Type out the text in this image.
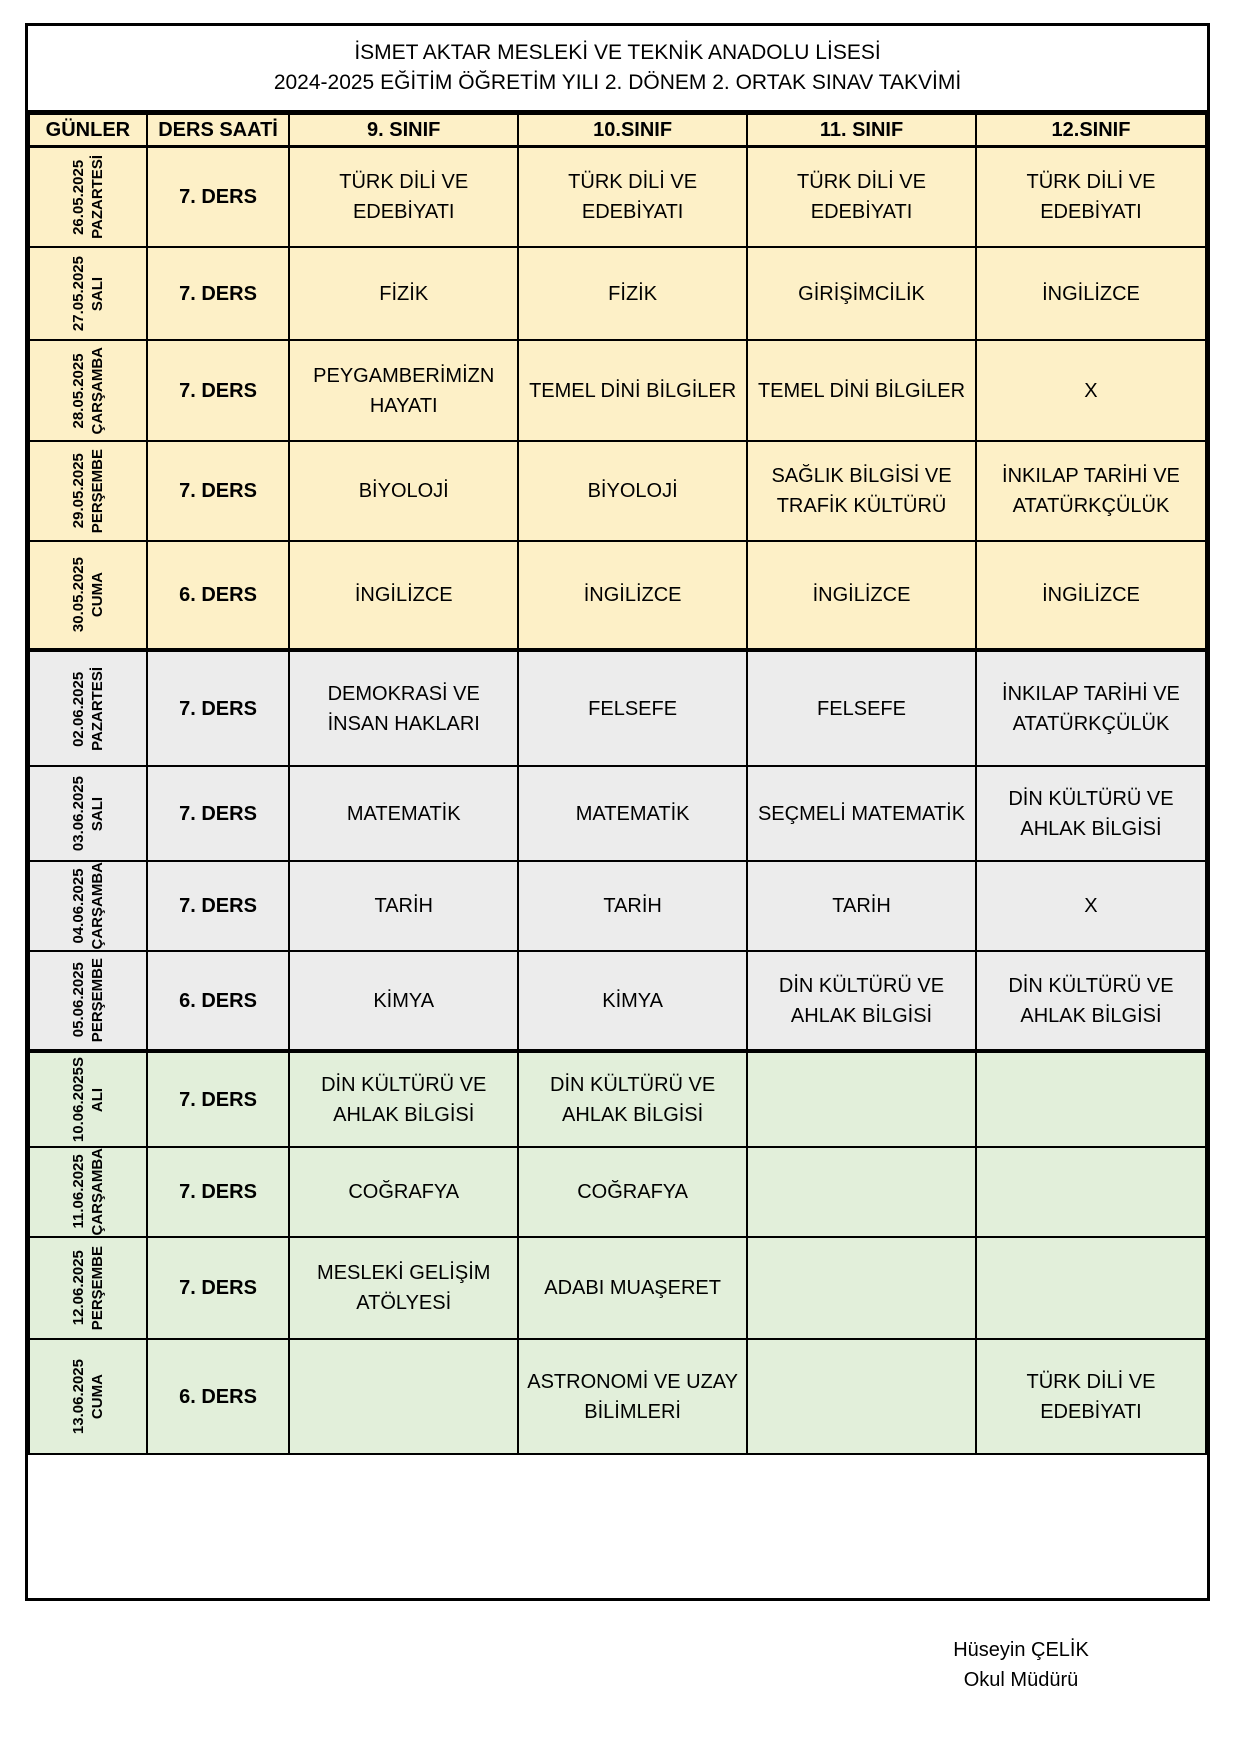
İSMET AKTAR MESLEKİ VE TEKNİK ANADOLU LİSESİ
2024-2025 EĞİTİM ÖĞRETİM YILI 2. DÖNEM 2. ORTAK SINAV TAKVİMİ
GÜNLER	DERS SAATİ	9. SINIF	10.SINIF	11. SINIF	12.SINIF

26.05.2025 PAZARTESİ	7. DERS	TÜRK DİLİ VE EDEBİYATI	TÜRK DİLİ VE EDEBİYATI	TÜRK DİLİ VE EDEBİYATI	TÜRK DİLİ VE EDEBİYATI

27.05.2025 SALI	7. DERS	FİZİK	FİZİK	GİRİŞİMCİLİK	İNGİLİZCE

28.05.2025 ÇARŞAMBA	7. DERS	PEYGAMBERİMİZN HAYATI	TEMEL DİNİ BİLGİLER	TEMEL DİNİ BİLGİLER	X

29.05.2025 PERŞEMBE	7. DERS	BİYOLOJİ	BİYOLOJİ	SAĞLIK BİLGİSİ VE TRAFİK KÜLTÜRÜ	İNKILAP TARİHİ VE ATATÜRKÇÜLÜK

30.05.2025 CUMA	6. DERS	İNGİLİZCE	İNGİLİZCE	İNGİLİZCE	İNGİLİZCE

02.06.2025 PAZARTESİ	7. DERS	DEMOKRASİ VE İNSAN HAKLARI	FELSEFE	FELSEFE	İNKILAP TARİHİ VE ATATÜRKÇÜLÜK

03.06.2025 SALI	7. DERS	MATEMATİK	MATEMATİK	SEÇMELİ MATEMATİK	DİN KÜLTÜRÜ VE AHLAK BİLGİSİ

04.06.2025 ÇARŞAMBA	7. DERS	TARİH	TARİH	TARİH	X

05.06.2025 PERŞEMBE	6. DERS	KİMYA	KİMYA	DİN KÜLTÜRÜ VE AHLAK BİLGİSİ	DİN KÜLTÜRÜ VE AHLAK BİLGİSİ

10.06.2025S ALI	7. DERS	DİN KÜLTÜRÜ VE AHLAK BİLGİSİ	DİN KÜLTÜRÜ VE AHLAK BİLGİSİ		

11.06.2025 ÇARŞAMBA	7. DERS	COĞRAFYA	COĞRAFYA		

12.06.2025 PERŞEMBE	7. DERS	MESLEKİ GELİŞİM ATÖLYESİ	ADABI MUAŞERET		

13.06.2025 CUMA	6. DERS		ASTRONOMİ VE UZAY BİLİMLERİ		TÜRK DİLİ VE EDEBİYATI
Hüseyin ÇELİK
Okul Müdürü
